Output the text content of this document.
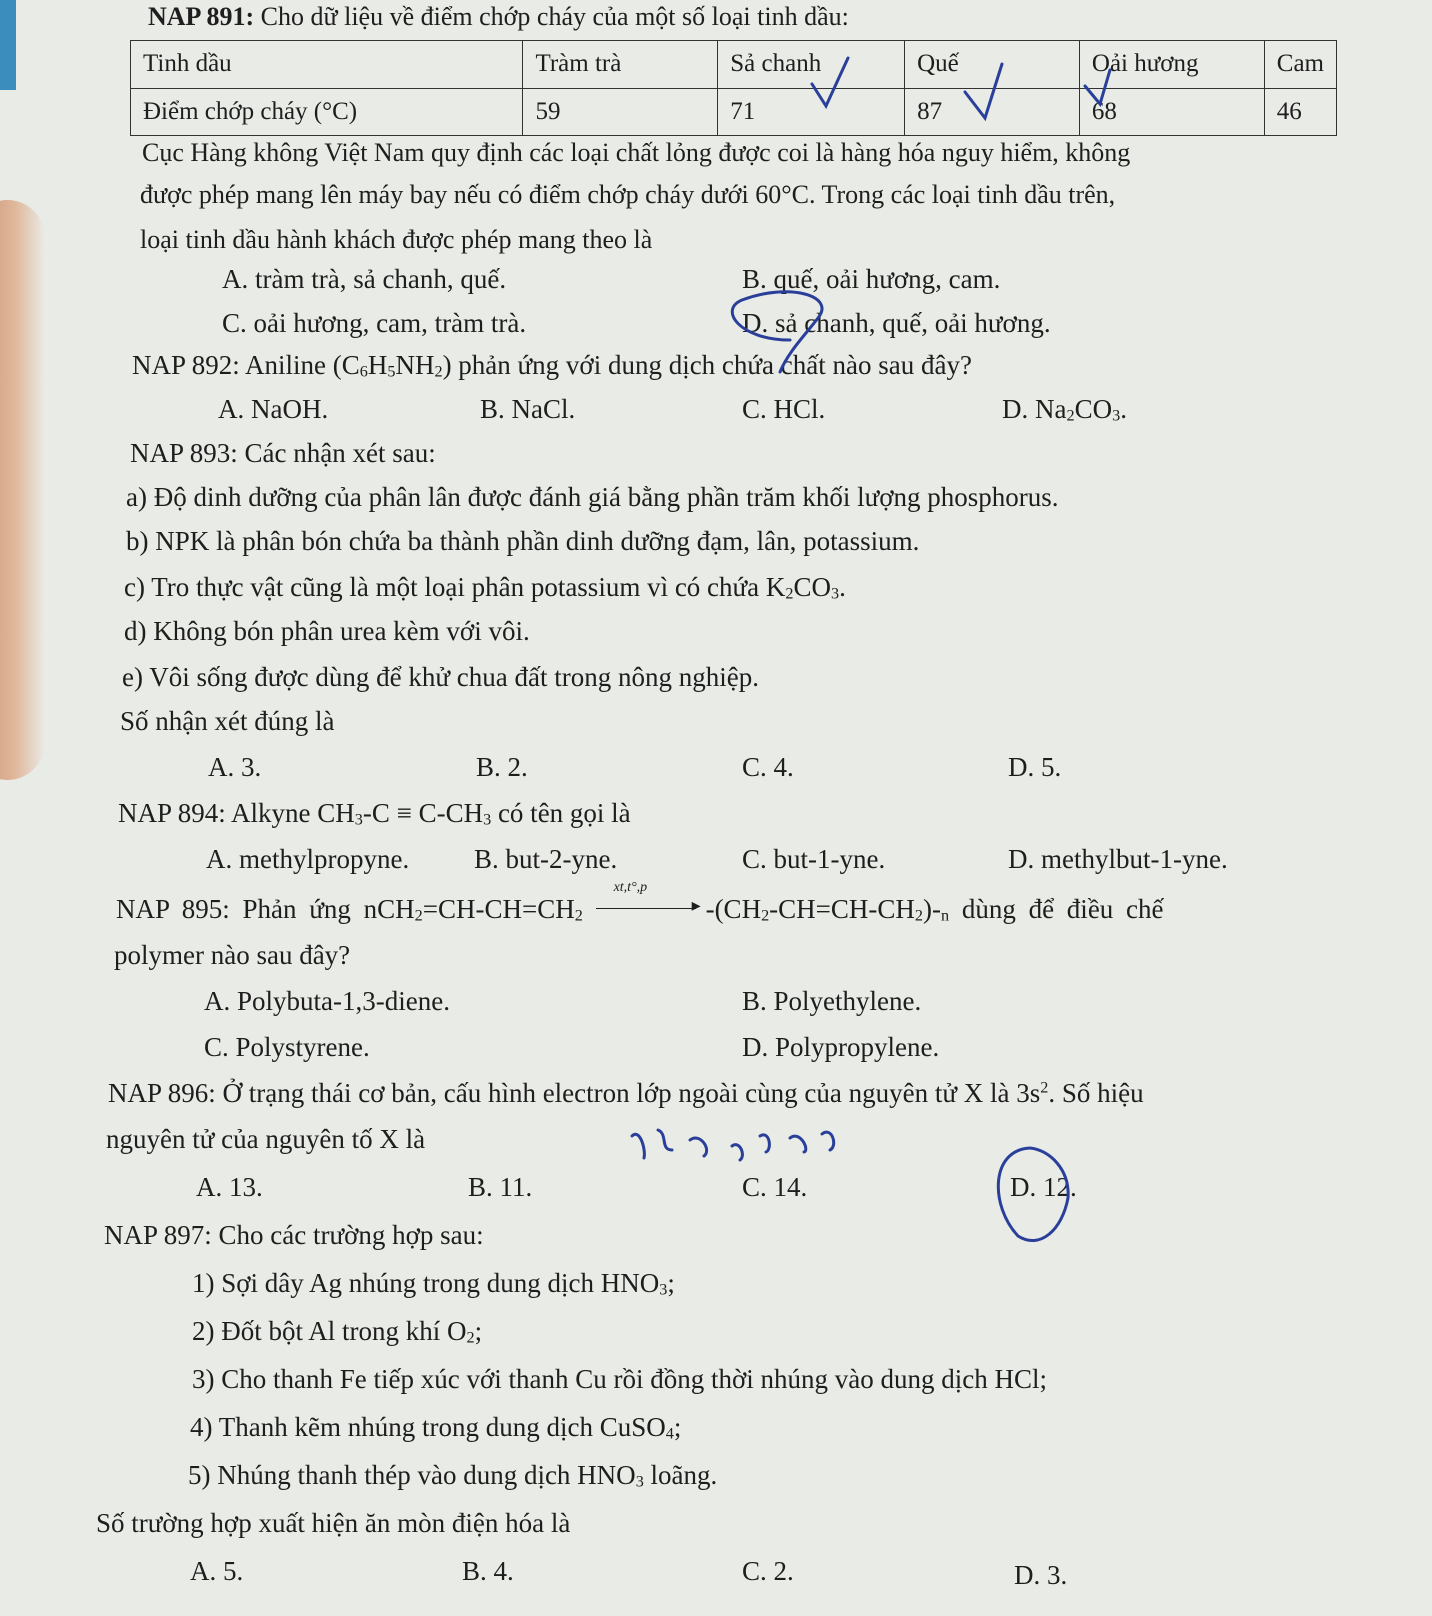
NAP 891: Cho dữ liệu về điểm chớp cháy của một số loại tinh dầu:
Tinh dầu	Tràm trà	Sả chanh	Quế	Oải hương	Cam
Điểm chớp cháy (°C)	59	71	87	68	46
Cục Hàng không Việt Nam quy định các loại chất lỏng được coi là hàng hóa nguy hiểm, không
được phép mang lên máy bay nếu có điểm chớp cháy dưới 60°C. Trong các loại tinh dầu trên,
loại tinh dầu hành khách được phép mang theo là
A. tràm trà, sả chanh, quế.	B. quế, oải hương, cam.
C. oải hương, cam, tràm trà.	D. sả chanh, quế, oải hương.
NAP 892: Aniline $(C_6H_5NH_2)$ phản ứng với dung dịch chứa chất nào sau đây?
A. NaOH.	B. NaCl.	C. HCl.	D. $Na_2CO_3$.
NAP 893: Các nhận xét sau:
a) Độ dinh dưỡng của phân lân được đánh giá bằng phần trăm khối lượng phosphorus.
b) NPK là phân bón chứa ba thành phần dinh dưỡng đạm, lân, potassium.
c) Tro thực vật cũng là một loại phân potassium vì có chứa $K_2CO_3$.
d) Không bón phân urea kèm với vôi.
e) Vôi sống được dùng để khử chua đất trong nông nghiệp.
Số nhận xét đúng là
A. 3.	B. 2.	C. 4.	D. 5.
NAP 894: Alkyne $CH_3-C \equiv C-CH_3$ có tên gọi là
A. methylpropyne. B. but-2-yne.	C. but-1-yne.	D. methylbut-1-yne.
NAP 895: Phản ứng $nCH_2=CH-CH=CH_2$
xt,t°,p
▸ $-(CH_2-CH=CH-CH_2)-_n$ dùng để điều chế
polymer nào sau đây?
A. Polybuta-1,3-diene.	B. Polyethylene.
C. Polystyrene.	D. Polypropylene.
NAP 896: Ở trạng thái cơ bản, cấu hình electron lớp ngoài cùng của nguyên tử X là $3s^2$. Số hiệu
nguyên tử của nguyên tố X là
A. 13.	B. 11.	C. 14.	D. 12.
NAP 897: Cho các trường hợp sau:
1) Sợi dây Ag nhúng trong dung dịch $HNO_3$;
2) Đốt bột Al trong khí $O_2$;
3) Cho thanh Fe tiếp xúc với thanh Cu rồi đồng thời nhúng vào dung dịch HCl;
4) Thanh kẽm nhúng trong dung dịch CuSO$_4$;
5) Nhúng thanh thép vào dung dịch $HNO_3$ loãng.
Số trường hợp xuất hiện ăn mòn điện hóa là
A. 5.	B. 4.	C. 2.	D. 3.
